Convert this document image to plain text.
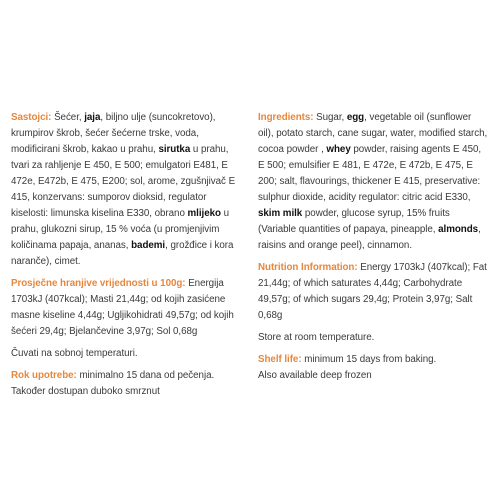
Sastojci: Šećer, jaja, biljno ulje (suncokretovo), krumpirov škrob, šećer šećerne trske, voda, modificirani škrob, kakao u prahu, sirutka u prahu, tvari za rahljenje E 450, E 500; emulgatori E481, E 472e, E472b, E 475, E200; sol, arome, zgušnjivač E 415, konzervans: sumporov dioksid, regulator kiselosti: limunska kiselina E330, obrano mlijeko u prahu, glukozni sirup, 15 % voća (u promjenjivim količinama papaja, ananas, bademi, grožđice i kora naranče), cimet.

Prosječne hranjive vrijednosti u 100g: Energija 1703kJ (407kcal); Masti 21,44g; od kojih zasićene masne kiseline 4,44g; Ugljikohidrati 49,57g; od kojih šećeri 29,4g; Bjelančevine 3,97g; Sol 0,68g

Čuvati na sobnoj temperaturi.

Rok upotrebe: minimalno 15 dana od pečenja.

Također dostupan duboko smrznut

Ingredients: Sugar, egg, vegetable oil (sunflower oil), potato starch, cane sugar, water, modified starch, cocoa powder , whey powder, raising agents E 450, E 500; emulsifier E 481, E 472e, E 472b, E 475, E 200; salt, flavourings, thickener E 415, preservative: sulphur dioxide, acidity regulator: citric acid E330, skim milk powder, glucose syrup, 15% fruits (Variable quantities of papaya, pineapple, almonds, raisins and orange peel), cinnamon.

Nutrition Information: Energy 1703kJ (407kcal); Fat 21,44g; of which saturates 4,44g; Carbohydrate 49,57g; of which sugars 29,4g; Protein 3,97g; Salt 0,68g

Store at room temperature.

Shelf life: minimum 15 days from baking.

Also available deep frozen
